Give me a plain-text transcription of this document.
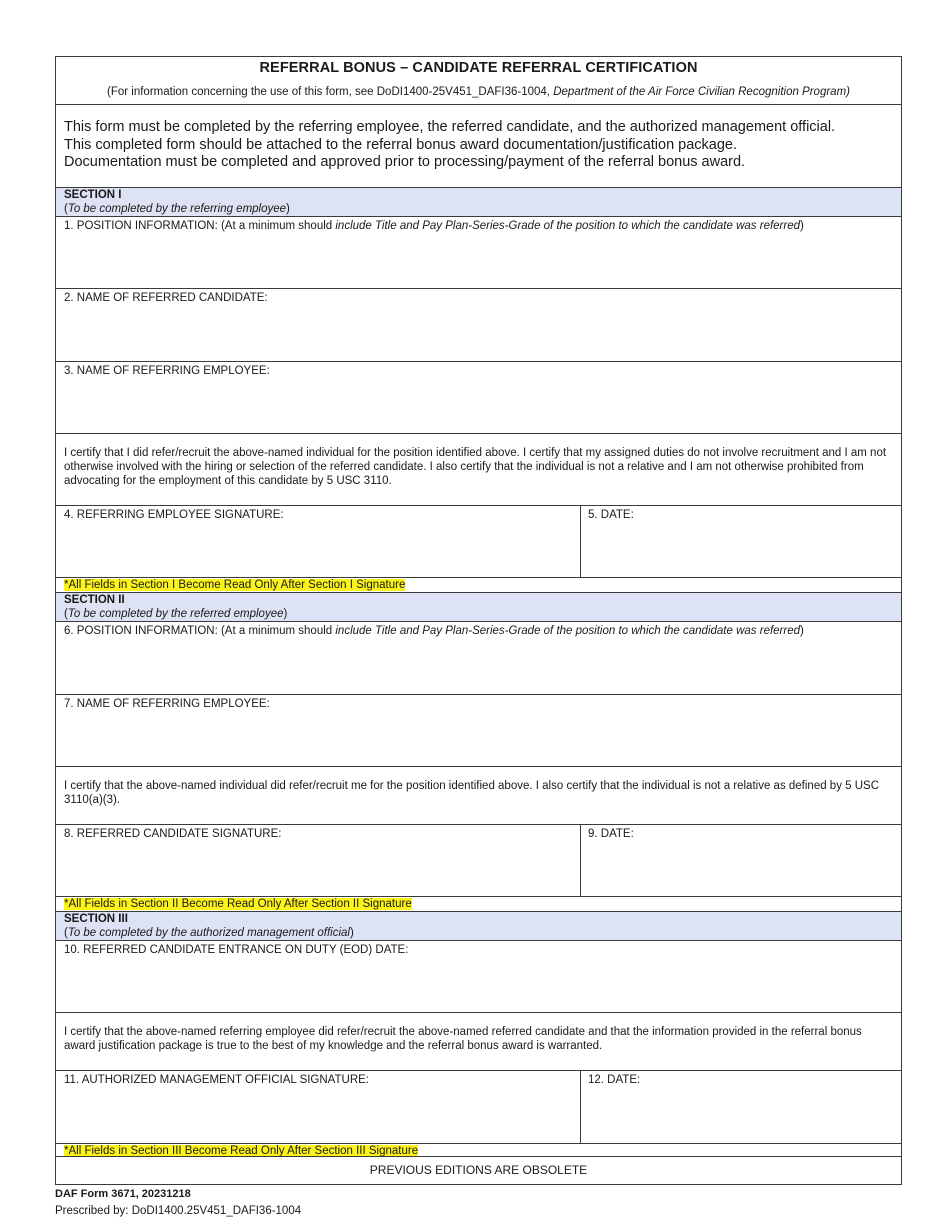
REFERRAL BONUS – CANDIDATE REFERRAL CERTIFICATION
(For information concerning the use of this form, see DoDI1400-25V451_DAFI36-1004, Department of the Air Force Civilian Recognition Program)
This form must be completed by the referring employee, the referred candidate, and the authorized management official.
This completed form should be attached to the referral bonus award documentation/justification package.
Documentation must be completed and approved prior to processing/payment of the referral bonus award.
SECTION I
(To be completed by the referring employee)
1. POSITION INFORMATION: (At a minimum should include Title and Pay Plan-Series-Grade of the position to which the candidate was referred)
2. NAME OF REFERRED CANDIDATE:
3. NAME OF REFERRING EMPLOYEE:
I certify that I did refer/recruit the above-named individual for the position identified above. I certify that my assigned duties do not involve recruitment and I am not otherwise involved with the hiring or selection of the referred candidate. I also certify that the individual is not a relative and I am not otherwise prohibited from advocating for the employment of this candidate by 5 USC 3110.
4. REFERRING EMPLOYEE SIGNATURE:	5. DATE:
*All Fields in Section I Become Read Only After Section I Signature
SECTION II
(To be completed by the referred employee)
6. POSITION INFORMATION: (At a minimum should include Title and Pay Plan-Series-Grade of the position to which the candidate was referred)
7. NAME OF REFERRING EMPLOYEE:
I certify that the above-named individual did refer/recruit me for the position identified above. I also certify that the individual is not a relative as defined by 5 USC 3110(a)(3).
8. REFERRED CANDIDATE SIGNATURE:	9. DATE:
*All Fields in Section II Become Read Only After Section II Signature
SECTION III
(To be completed by the authorized management official)
10. REFERRED CANDIDATE ENTRANCE ON DUTY (EOD) DATE:
I certify that the above-named referring employee did refer/recruit the above-named referred candidate and that the information provided in the referral bonus award justification package is true to the best of my knowledge and the referral bonus award is warranted.
11. AUTHORIZED MANAGEMENT OFFICIAL SIGNATURE:	12. DATE:
*All Fields in Section III Become Read Only After Section III Signature
PREVIOUS EDITIONS ARE OBSOLETE
DAF Form 3671, 20231218
Prescribed by: DoDI1400.25V451_DAFI36-1004
